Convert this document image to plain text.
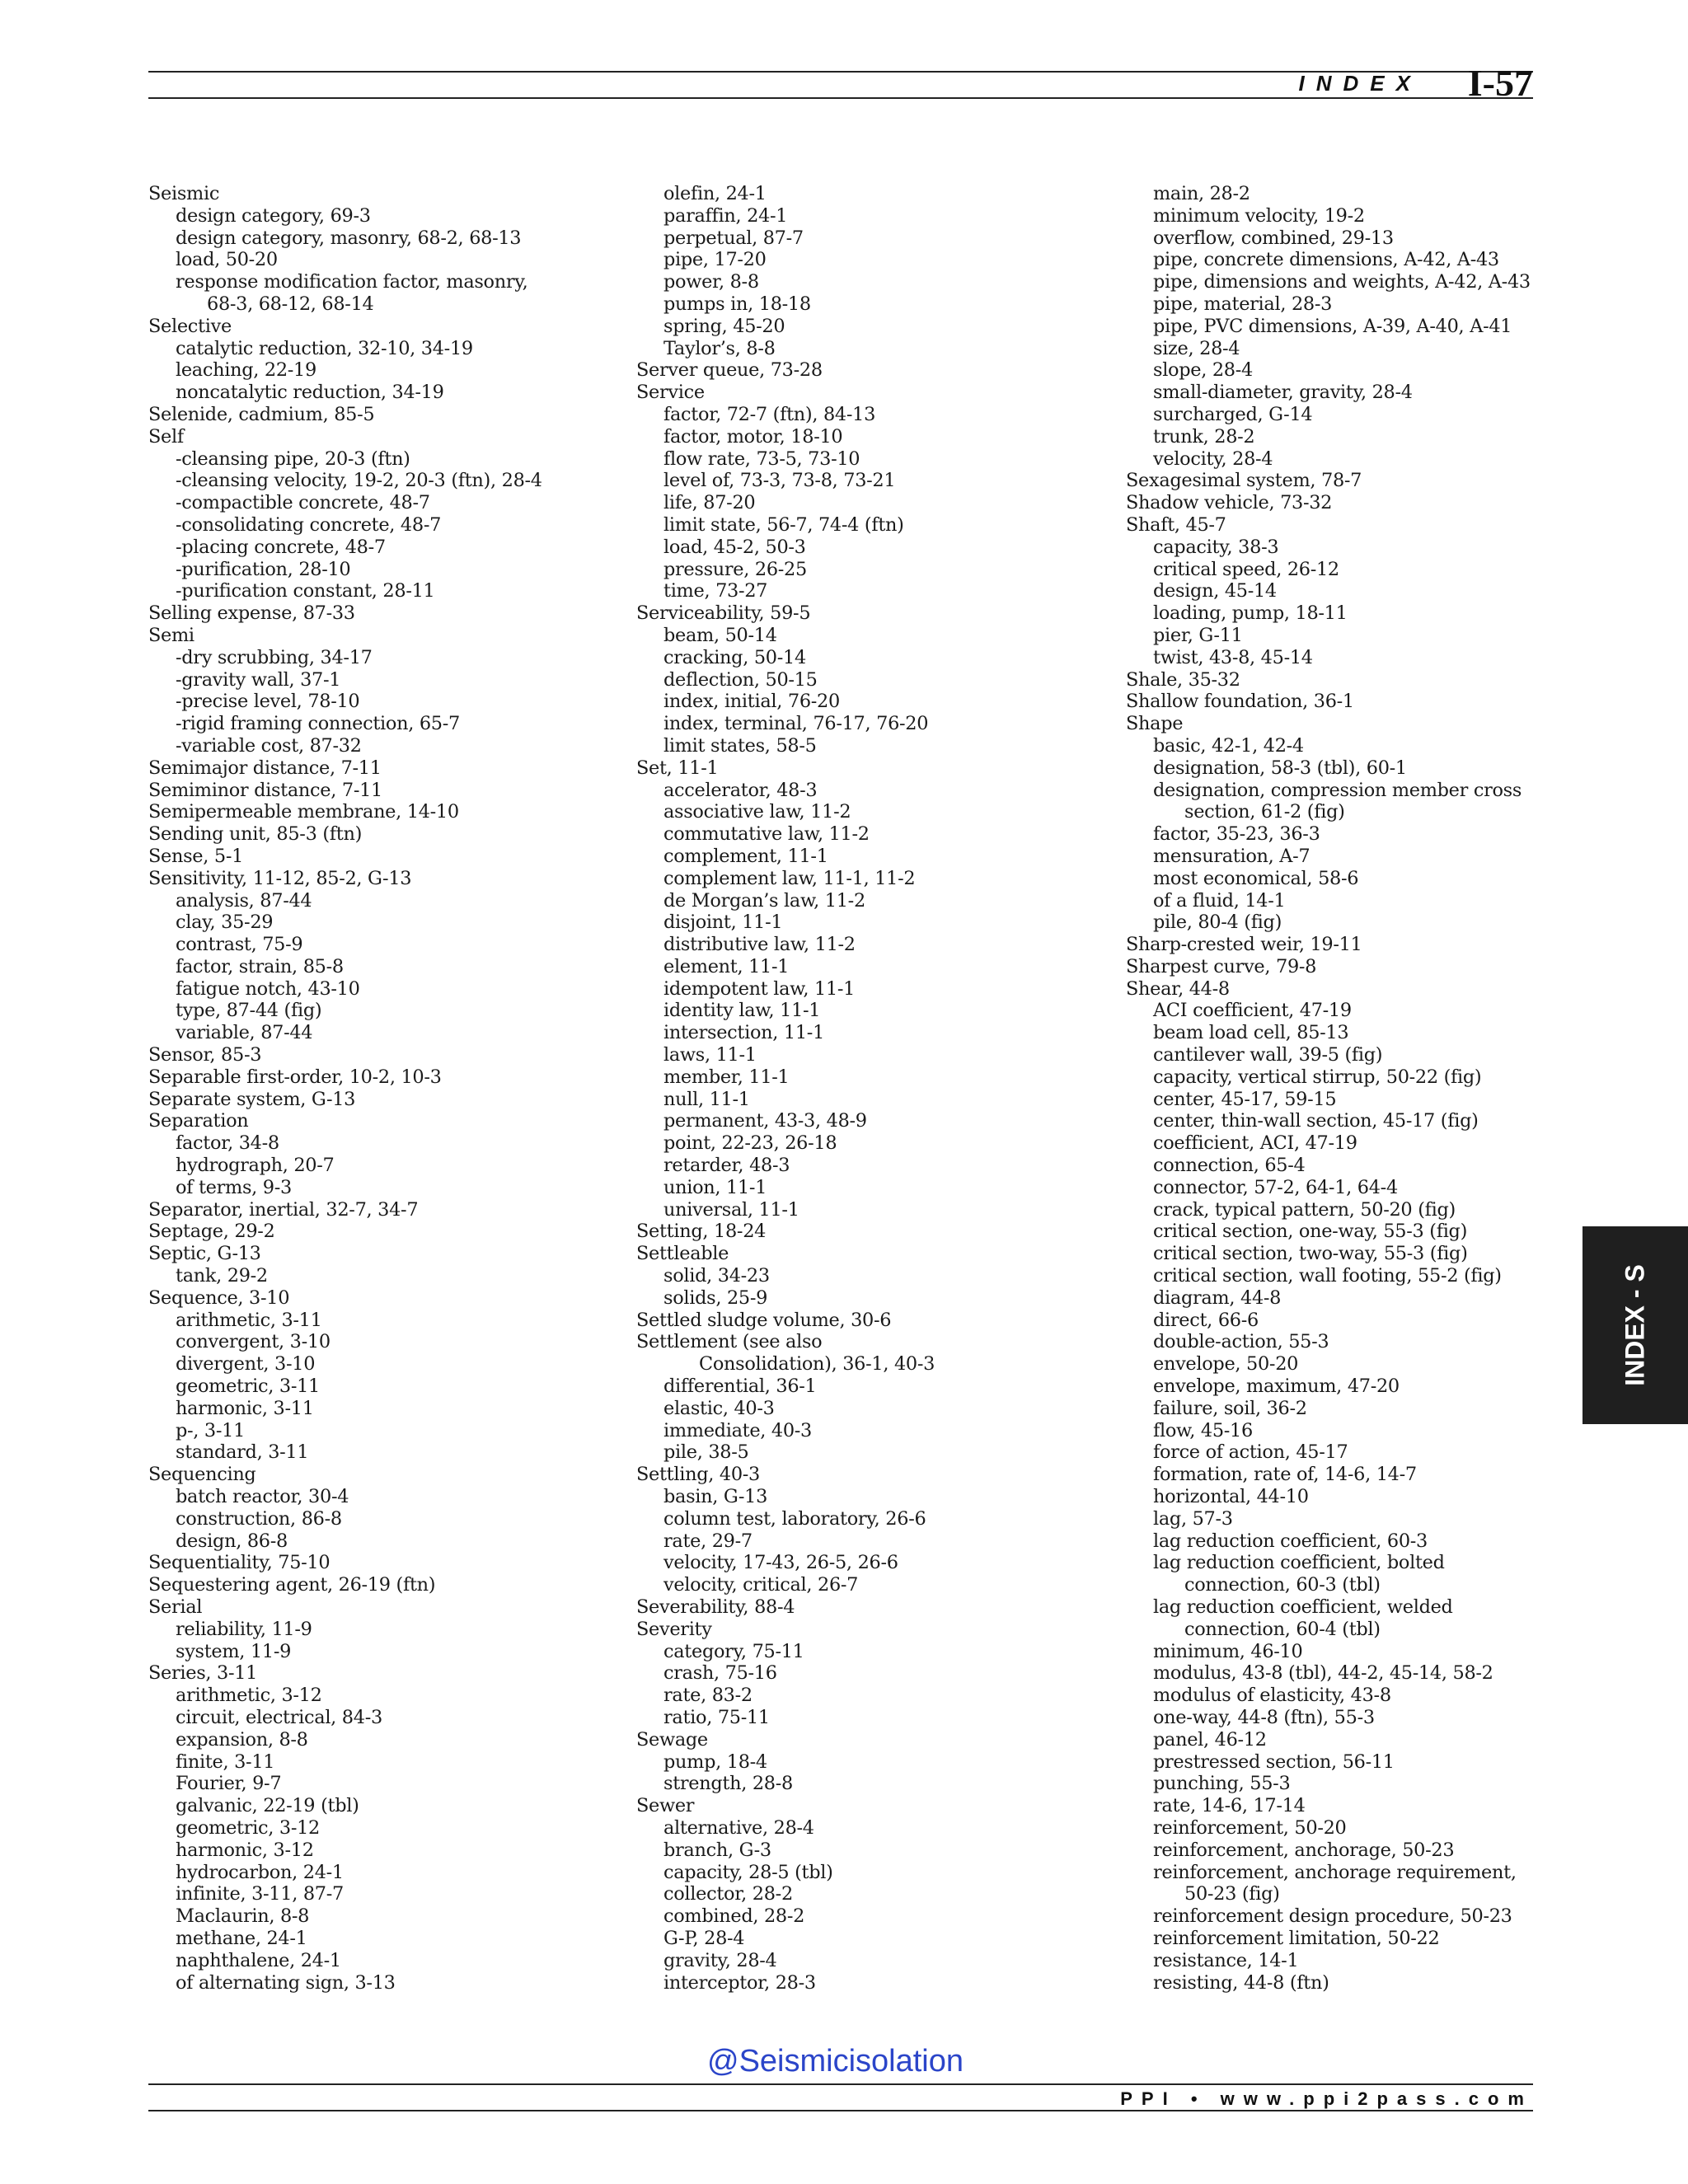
INDEX I-57
Seismic
design category, 69-3
design category, masonry, 68-2, 68-13
load, 50-20
response modification factor, masonry,
68-3, 68-12, 68-14
Selective
catalytic reduction, 32-10, 34-19
leaching, 22-19
noncatalytic reduction, 34-19
Selenide, cadmium, 85-5
Self
-cleansing pipe, 20-3 (ftn)
-cleansing velocity, 19-2, 20-3 (ftn), 28-4
-compactible concrete, 48-7
-consolidating concrete, 48-7
-placing concrete, 48-7
-purification, 28-10
-purification constant, 28-11
Selling expense, 87-33
Semi
-dry scrubbing, 34-17
-gravity wall, 37-1
-precise level, 78-10
-rigid framing connection, 65-7
-variable cost, 87-32
Semimajor distance, 7-11
Semiminor distance, 7-11
Semipermeable membrane, 14-10
Sending unit, 85-3 (ftn)
Sense, 5-1
Sensitivity, 11-12, 85-2, G-13
analysis, 87-44
clay, 35-29
contrast, 75-9
factor, strain, 85-8
fatigue notch, 43-10
type, 87-44 (fig)
variable, 87-44
Sensor, 85-3
Separable first-order, 10-2, 10-3
Separate system, G-13
Separation
factor, 34-8
hydrograph, 20-7
of terms, 9-3
Separator, inertial, 32-7, 34-7
Septage, 29-2
Septic, G-13
tank, 29-2
Sequence, 3-10
arithmetic, 3-11
convergent, 3-10
divergent, 3-10
geometric, 3-11
harmonic, 3-11
p-, 3-11
standard, 3-11
Sequencing
batch reactor, 30-4
construction, 86-8
design, 86-8
Sequentiality, 75-10
Sequestering agent, 26-19 (ftn)
Serial
reliability, 11-9
system, 11-9
Series, 3-11
arithmetic, 3-12
circuit, electrical, 84-3
expansion, 8-8
finite, 3-11
Fourier, 9-7
galvanic, 22-19 (tbl)
geometric, 3-12
harmonic, 3-12
hydrocarbon, 24-1
infinite, 3-11, 87-7
Maclaurin, 8-8
methane, 24-1
naphthalene, 24-1
of alternating sign, 3-13
olefin, 24-1
paraffin, 24-1
perpetual, 87-7
pipe, 17-20
power, 8-8
pumps in, 18-18
spring, 45-20
Taylor’s, 8-8
Server queue, 73-28
Service
factor, 72-7 (ftn), 84-13
factor, motor, 18-10
flow rate, 73-5, 73-10
level of, 73-3, 73-8, 73-21
life, 87-20
limit state, 56-7, 74-4 (ftn)
load, 45-2, 50-3
pressure, 26-25
time, 73-27
Serviceability, 59-5
beam, 50-14
cracking, 50-14
deflection, 50-15
index, initial, 76-20
index, terminal, 76-17, 76-20
limit states, 58-5
Set, 11-1
accelerator, 48-3
associative law, 11-2
commutative law, 11-2
complement, 11-1
complement law, 11-1, 11-2
de Morgan’s law, 11-2
disjoint, 11-1
distributive law, 11-2
element, 11-1
idempotent law, 11-1
identity law, 11-1
intersection, 11-1
laws, 11-1
member, 11-1
null, 11-1
permanent, 43-3, 48-9
point, 22-23, 26-18
retarder, 48-3
union, 11-1
universal, 11-1
Setting, 18-24
Settleable
solid, 34-23
solids, 25-9
Settled sludge volume, 30-6
Settlement (see also
Consolidation), 36-1, 40-3
differential, 36-1
elastic, 40-3
immediate, 40-3
pile, 38-5
Settling, 40-3
basin, G-13
column test, laboratory, 26-6
rate, 29-7
velocity, 17-43, 26-5, 26-6
velocity, critical, 26-7
Severability, 88-4
Severity
category, 75-11
crash, 75-16
rate, 83-2
ratio, 75-11
Sewage
pump, 18-4
strength, 28-8
Sewer
alternative, 28-4
branch, G-3
capacity, 28-5 (tbl)
collector, 28-2
combined, 28-2
G-P, 28-4
gravity, 28-4
interceptor, 28-3
main, 28-2
minimum velocity, 19-2
overflow, combined, 29-13
pipe, concrete dimensions, A-42, A-43
pipe, dimensions and weights, A-42, A-43
pipe, material, 28-3
pipe, PVC dimensions, A-39, A-40, A-41
size, 28-4
slope, 28-4
small-diameter, gravity, 28-4
surcharged, G-14
trunk, 28-2
velocity, 28-4
Sexagesimal system, 78-7
Shadow vehicle, 73-32
Shaft, 45-7
capacity, 38-3
critical speed, 26-12
design, 45-14
loading, pump, 18-11
pier, G-11
twist, 43-8, 45-14
Shale, 35-32
Shallow foundation, 36-1
Shape
basic, 42-1, 42-4
designation, 58-3 (tbl), 60-1
designation, compression member cross
section, 61-2 (fig)
factor, 35-23, 36-3
mensuration, A-7
most economical, 58-6
of a fluid, 14-1
pile, 80-4 (fig)
Sharp-crested weir, 19-11
Sharpest curve, 79-8
Shear, 44-8
ACI coefficient, 47-19
beam load cell, 85-13
cantilever wall, 39-5 (fig)
capacity, vertical stirrup, 50-22 (fig)
center, 45-17, 59-15
center, thin-wall section, 45-17 (fig)
coefficient, ACI, 47-19
connection, 65-4
connector, 57-2, 64-1, 64-4
crack, typical pattern, 50-20 (fig)
critical section, one-way, 55-3 (fig)
critical section, two-way, 55-3 (fig)
critical section, wall footing, 55-2 (fig)
diagram, 44-8
direct, 66-6
double-action, 55-3
envelope, 50-20
envelope, maximum, 47-20
failure, soil, 36-2
flow, 45-16
force of action, 45-17
formation, rate of, 14-6, 14-7
horizontal, 44-10
lag, 57-3
lag reduction coefficient, 60-3
lag reduction coefficient, bolted
connection, 60-3 (tbl)
lag reduction coefficient, welded
connection, 60-4 (tbl)
minimum, 46-10
modulus, 43-8 (tbl), 44-2, 45-14, 58-2
modulus of elasticity, 43-8
one-way, 44-8 (ftn), 55-3
panel, 46-12
prestressed section, 56-11
punching, 55-3
rate, 14-6, 17-14
reinforcement, 50-20
reinforcement, anchorage, 50-23
reinforcement, anchorage requirement,
50-23 (fig)
reinforcement design procedure, 50-23
reinforcement limitation, 50-22
resistance, 14-1
resisting, 44-8 (ftn)
INDEX - S
@Seismicisolation
PPI • www.ppi2pass.com
